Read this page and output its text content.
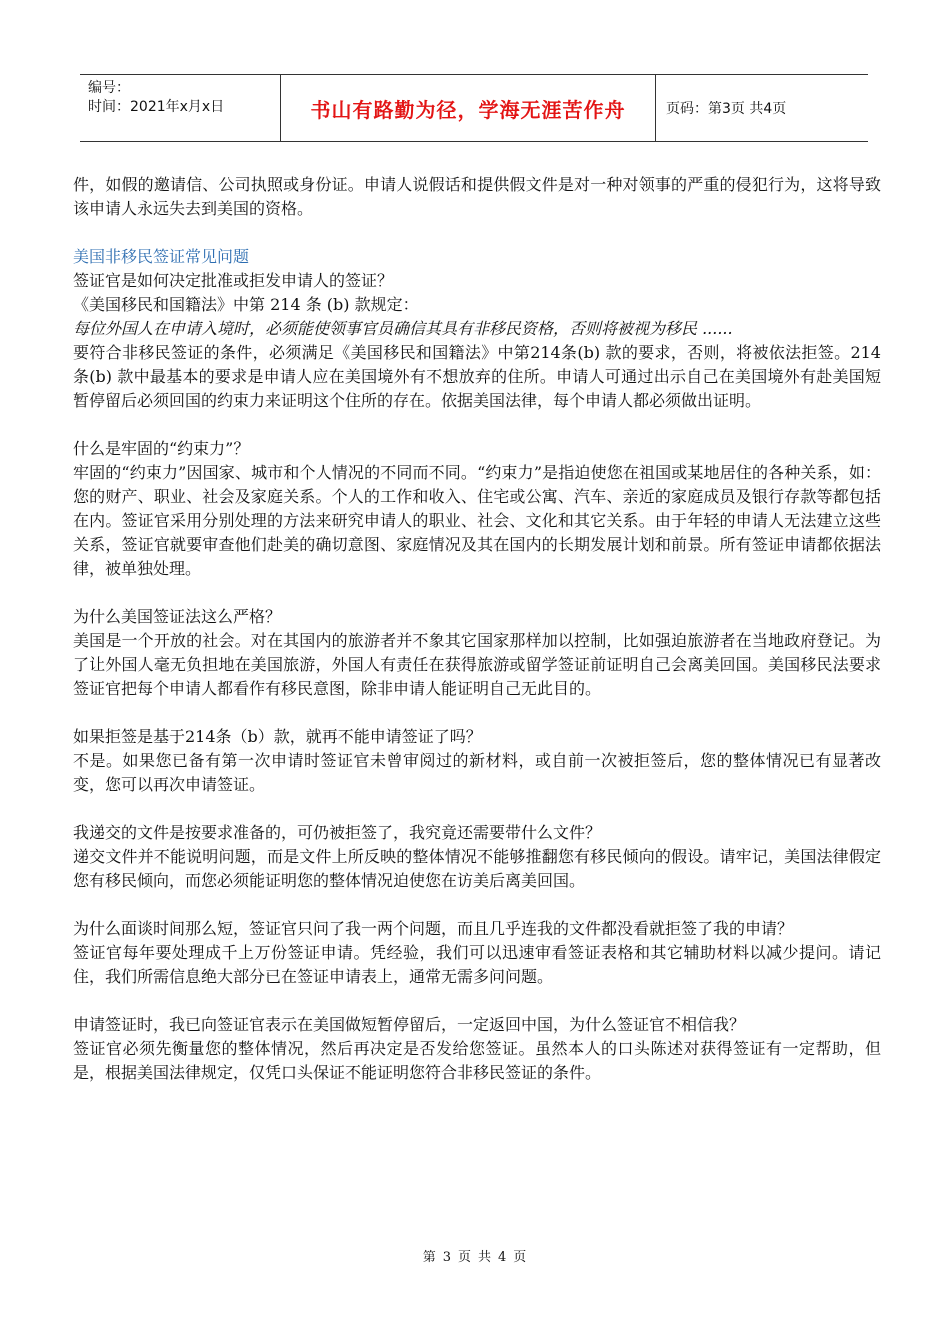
编号：
时间：2021年x月x日	书山有路勤为径，学海无涯苦作舟	页码：第3页 共4页

件，如假的邀请信、公司执照或身份证。申请人说假话和提供假文件是对一种对领事的严重的侵犯行为，这将导致该申请人永远失去到美国的资格。

美国非移民签证常见问题

签证官是如何决定批准或拒发申请人的签证？

《美国移民和国籍法》中第 214 条 (b) 款规定：

每位外国人在申请入境时，必须能使领事官员确信其具有非移民资格，否则将被视为移民 ......

要符合非移民签证的条件，必须满足《美国移民和国籍法》中第214条(b) 款的要求，否则，将被依法拒签。214 条(b) 款中最基本的要求是申请人应在美国境外有不想放弃的住所。申请人可通过出示自己在美国境外有赴美国短暂停留后必须回国的约束力来证明这个住所的存在。依据美国法律，每个申请人都必须做出证明。

什么是牢固的“约束力”？

牢固的“约束力”因国家、城市和个人情况的不同而不同。“约束力”是指迫使您在祖国或某地居住的各种关系，如：您的财产、职业、社会及家庭关系。个人的工作和收入、住宅或公寓、汽车、亲近的家庭成员及银行存款等都包括在内。签证官采用分别处理的方法来研究申请人的职业、社会、文化和其它关系。由于年轻的申请人无法建立这些关系，签证官就要审查他们赴美的确切意图、家庭情况及其在国内的长期发展计划和前景。所有签证申请都依据法律，被单独处理。

为什么美国签证法这么严格？

美国是一个开放的社会。对在其国内的旅游者并不象其它国家那样加以控制，比如强迫旅游者在当地政府登记。为了让外国人毫无负担地在美国旅游，外国人有责任在获得旅游或留学签证前证明自己会离美回国。美国移民法要求签证官把每个申请人都看作有移民意图，除非申请人能证明自己无此目的。

如果拒签是基于214条（b）款，就再不能申请签证了吗？

不是。如果您已备有第一次申请时签证官未曾审阅过的新材料，或自前一次被拒签后，您的整体情况已有显著改变，您可以再次申请签证。

我递交的文件是按要求准备的，可仍被拒签了，我究竟还需要带什么文件？

递交文件并不能说明问题，而是文件上所反映的整体情况不能够推翻您有移民倾向的假设。请牢记，美国法律假定您有移民倾向，而您必须能证明您的整体情况迫使您在访美后离美回国。

为什么面谈时间那么短，签证官只问了我一两个问题，而且几乎连我的文件都没看就拒签了我的申请？

签证官每年要处理成千上万份签证申请。凭经验，我们可以迅速审看签证表格和其它辅助材料以减少提问。请记住，我们所需信息绝大部分已在签证申请表上，通常无需多问问题。

申请签证时，我已向签证官表示在美国做短暂停留后，一定返回中国，为什么签证官不相信我？

签证官必须先衡量您的整体情况，然后再决定是否发给您签证。虽然本人的口头陈述对获得签证有一定帮助，但是，根据美国法律规定，仅凭口头保证不能证明您符合非移民签证的条件。

第 3 页 共 4 页
